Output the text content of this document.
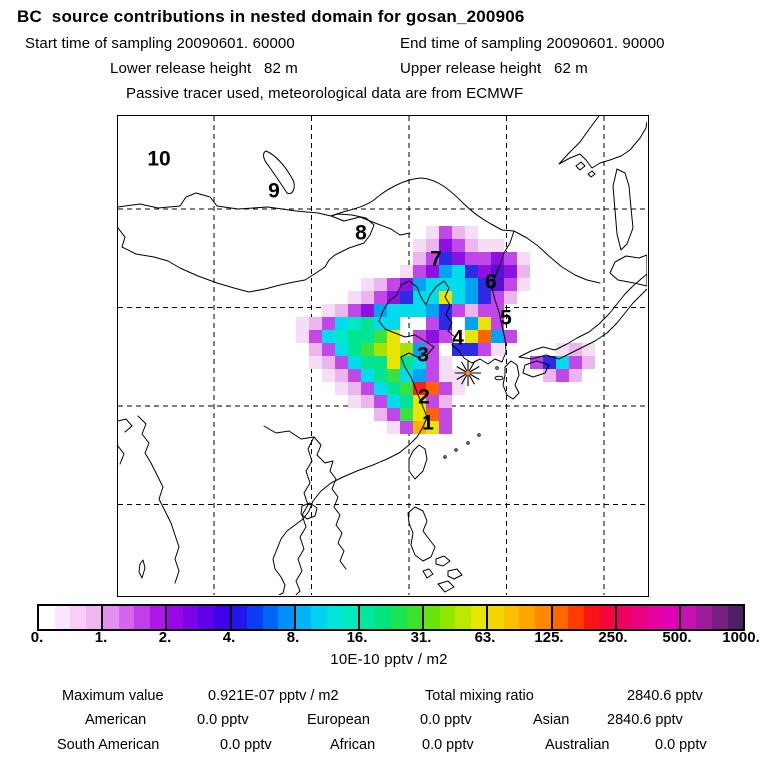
BC  source contributions in nested domain for gosan_200906
Start time of sampling 20090601. 60000	End time of sampling 20090601. 90000
Lower release height   82 m	Upper release height   62 m
Passive tracer used, meteorological data are from ECMWF
1
2
3
4
5
6
7
8
9
10
0.	1.	2.	4.	8.	16.	31.	63.	125. 250. 500. 1000.
10E-10 pptv / m2
Maximum value	0.921E-07 pptv / m2	Total mixing ratio	2840.6 pptv
American	0.0 pptv	European	0.0 pptv	Asian	2840.6 pptv
South American	0.0 pptv	African	0.0 pptv	Australian	0.0 pptv
